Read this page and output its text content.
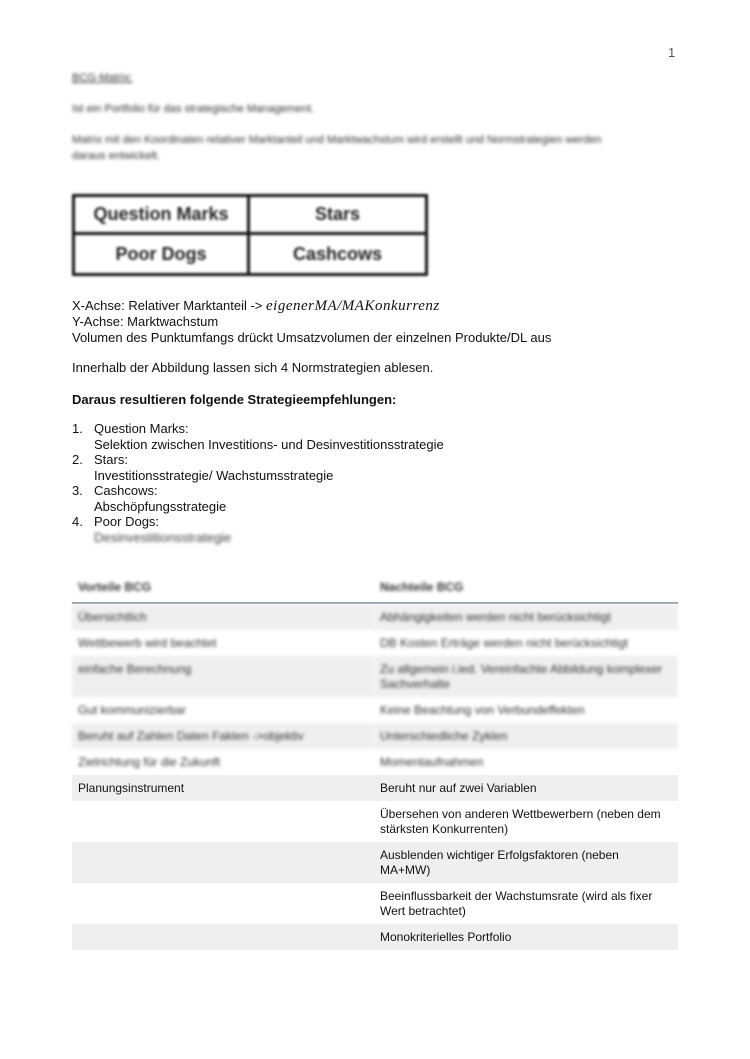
1
BCG-Matrix:
Ist ein Portfolio für das strategische Management.
Matrix mit den Koordinaten relativer Marktanteil und Marktwachstum wird erstellt und Normstrategien werden daraus entwickelt.
Question Marks	Stars
Poor Dogs	Cashcows
X-Achse: Relativer Marktanteil -> eigenerMA/MAKonkurrenz
Y-Achse: Marktwachstum
Volumen des Punktumfangs drückt Umsatzvolumen der einzelnen Produkte/DL aus
Innerhalb der Abbildung lassen sich 4 Normstrategien ablesen.
Daraus resultieren folgende Strategieempfehlungen:
1. Question Marks:
Selektion zwischen Investitions- und Desinvestitionsstrategie
2. Stars:
Investitionsstrategie/ Wachstumsstrategie
3. Cashcows:
Abschöpfungsstrategie
4. Poor Dogs:
Desinvestitionsstrategie
Vorteile BCG	Nachteile BCG
Übersichtlich	Abhängigkeiten werden nicht berücksichtigt
Wettbewerb wird beachtet	DB Kosten Erträge werden nicht berücksichtigt
einfache Berechnung	Zu allgemein i.ied. Vereinfachte Abbildung komplexer Sachverhalte
Gut kommunizierbar	Keine Beachtung von Verbundeffekten
Beruht auf Zahlen Daten Fakten ->objektiv	Unterschiedliche Zyklen
Zielrichtung für die Zukunft	Momentaufnahmen
Planungsinstrument	Beruht nur auf zwei Variablen
	Übersehen von anderen Wettbewerbern (neben dem stärksten Konkurrenten)
	Ausblenden wichtiger Erfolgsfaktoren (neben MA+MW)
	Beeinflussbarkeit der Wachstumsrate (wird als fixer Wert betrachtet)
	Monokriterielles Portfolio
